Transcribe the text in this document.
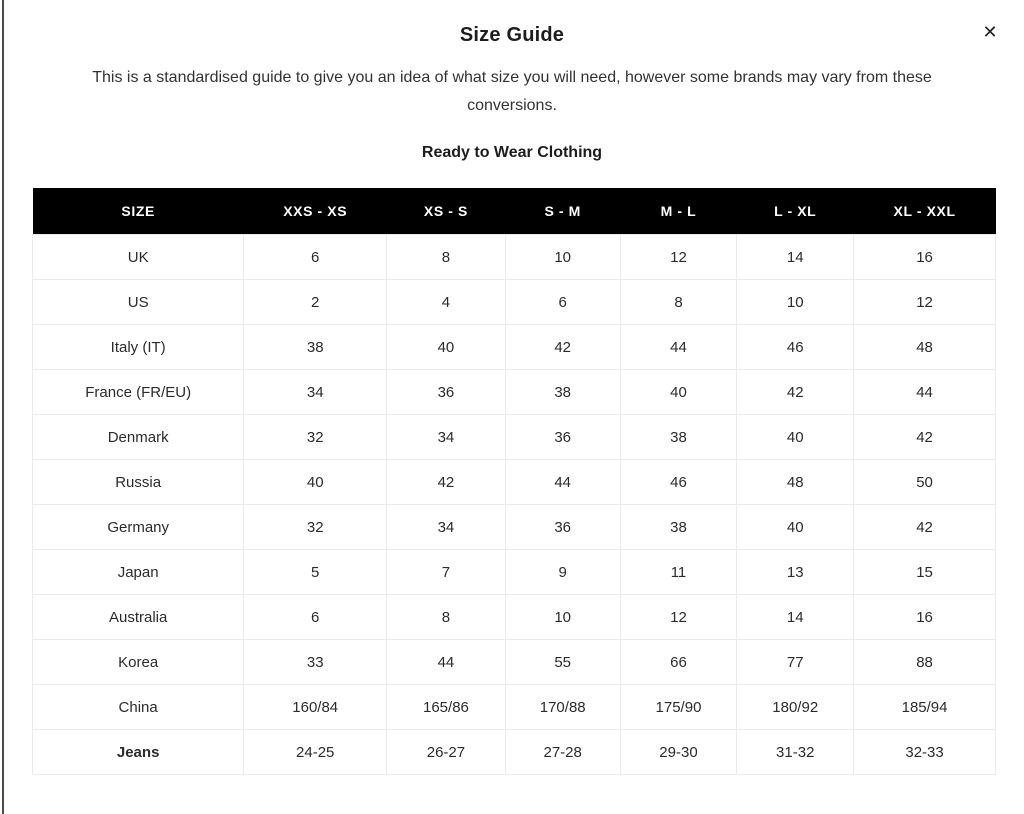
Size Guide	✕

This is a standardised guide to give you an idea of what size you will need, however some brands may vary from these conversions.

Ready to Wear Clothing
SIZE	XXS - XS	XS - S	S - M	M - L	L - XL	XL - XXL
UK	6	8	10	12	14	16
US	2	4	6	8	10	12
Italy (IT)	38	40	42	44	46	48
France (FR/EU)	34	36	38	40	42	44
Denmark	32	34	36	38	40	42
Russia	40	42	44	46	48	50
Germany	32	34	36	38	40	42
Japan	5	7	9	11	13	15
Australia	6	8	10	12	14	16
Korea	33	44	55	66	77	88
China	160/84	165/86	170/88	175/90	180/92	185/94
Jeans	24-25	26-27	27-28	29-30	31-32	32-33
